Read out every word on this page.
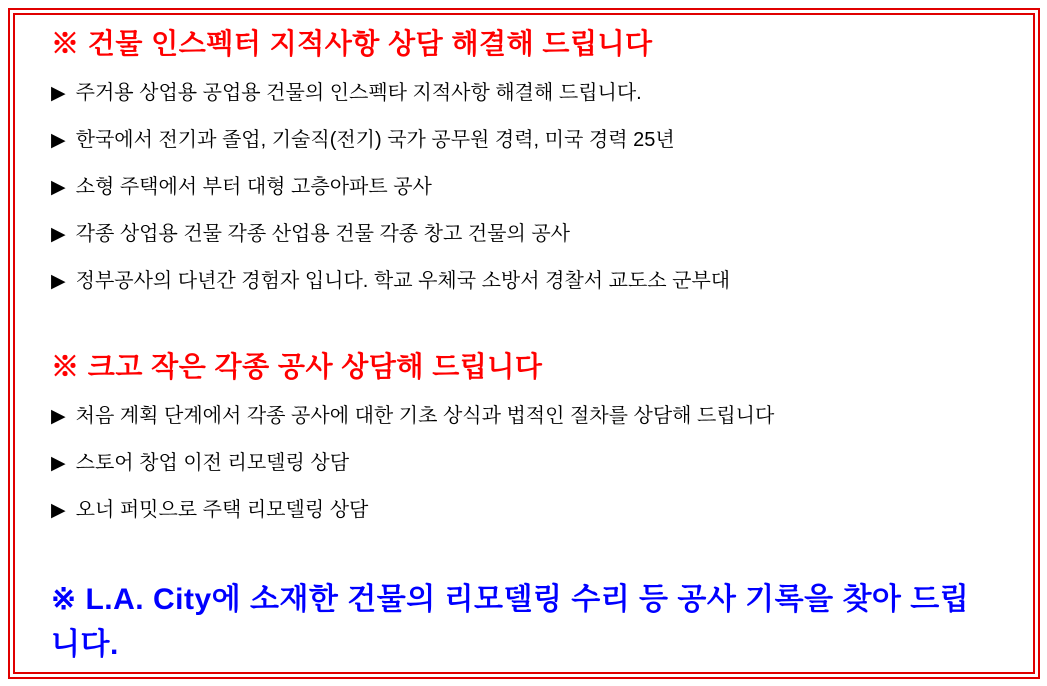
※ 건물 인스펙터 지적사항 상담 해결해 드립니다
▶ 주거용 상업용 공업용 건물의 인스펙타 지적사항 해결해 드립니다.
▶ 한국에서 전기과 졸업, 기술직(전기) 국가 공무원 경력, 미국 경력 25년
▶ 소형 주택에서 부터 대형 고층아파트 공사
▶ 각종 상업용 건물 각종 산업용 건물 각종 창고 건물의 공사
▶ 정부공사의 다년간 경험자 입니다. 학교 우체국 소방서 경찰서 교도소 군부대
※ 크고 작은 각종 공사 상담해 드립니다
▶ 처음 계획 단계에서 각종 공사에 대한 기초 상식과 법적인 절차를 상담해 드립니다
▶ 스토어 창업 이전 리모델링 상담
▶ 오너 퍼밋으로 주택 리모델링 상담
※ L.A. City에 소재한 건물의 리모델링 수리 등 공사 기록을 찾아 드립니다.
